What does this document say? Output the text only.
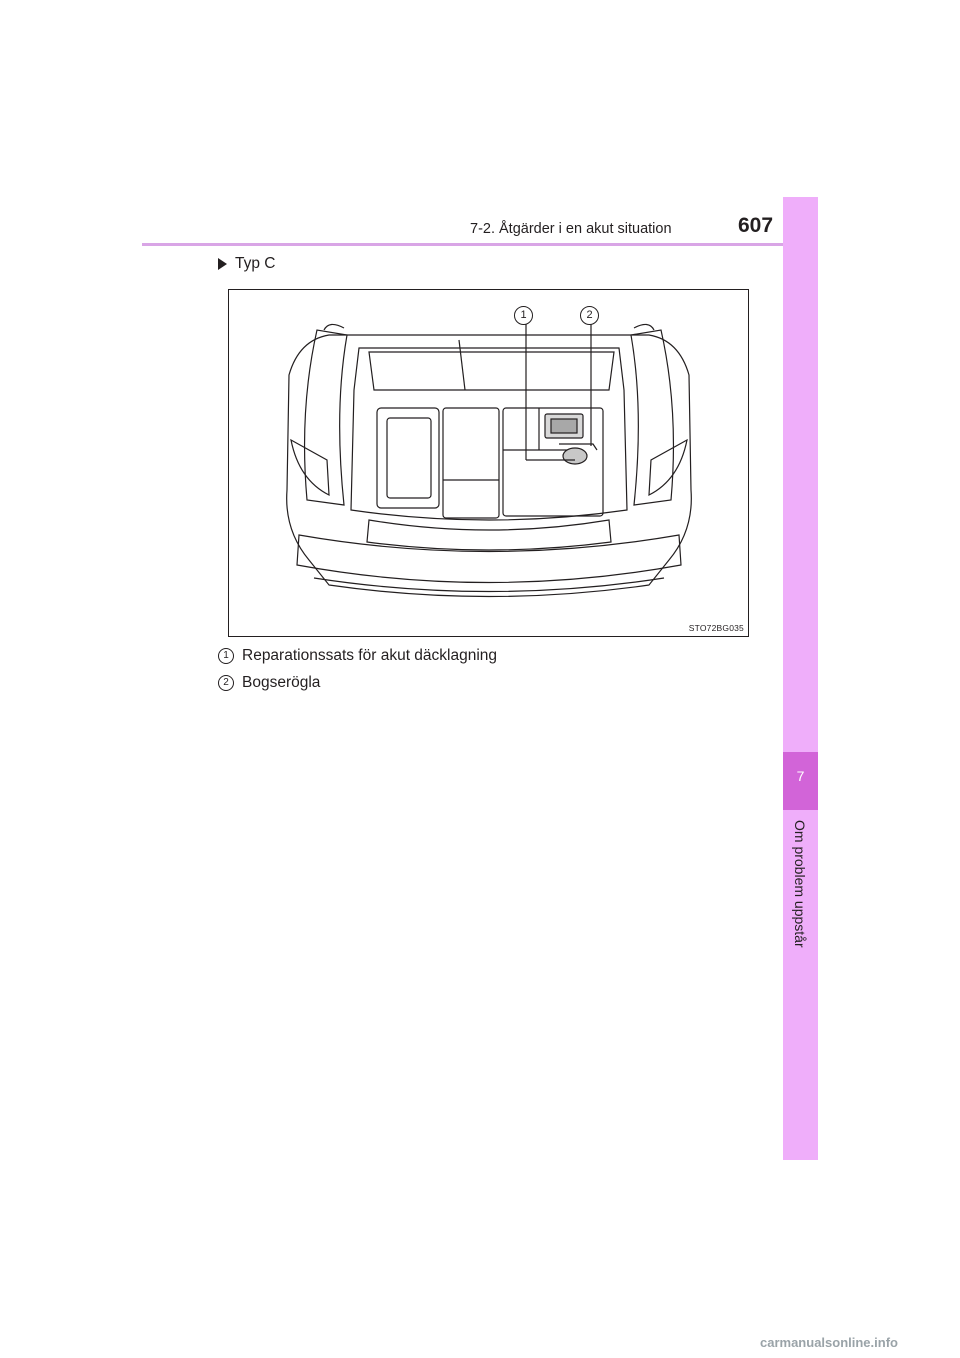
7-2. Åtgärder i en akut situation	607
7
Om problem uppstår
Typ C
STO72BG035
1	2
1 Reparationssats för akut däcklagning
2 Bogserögla
carmanualsonline.info
